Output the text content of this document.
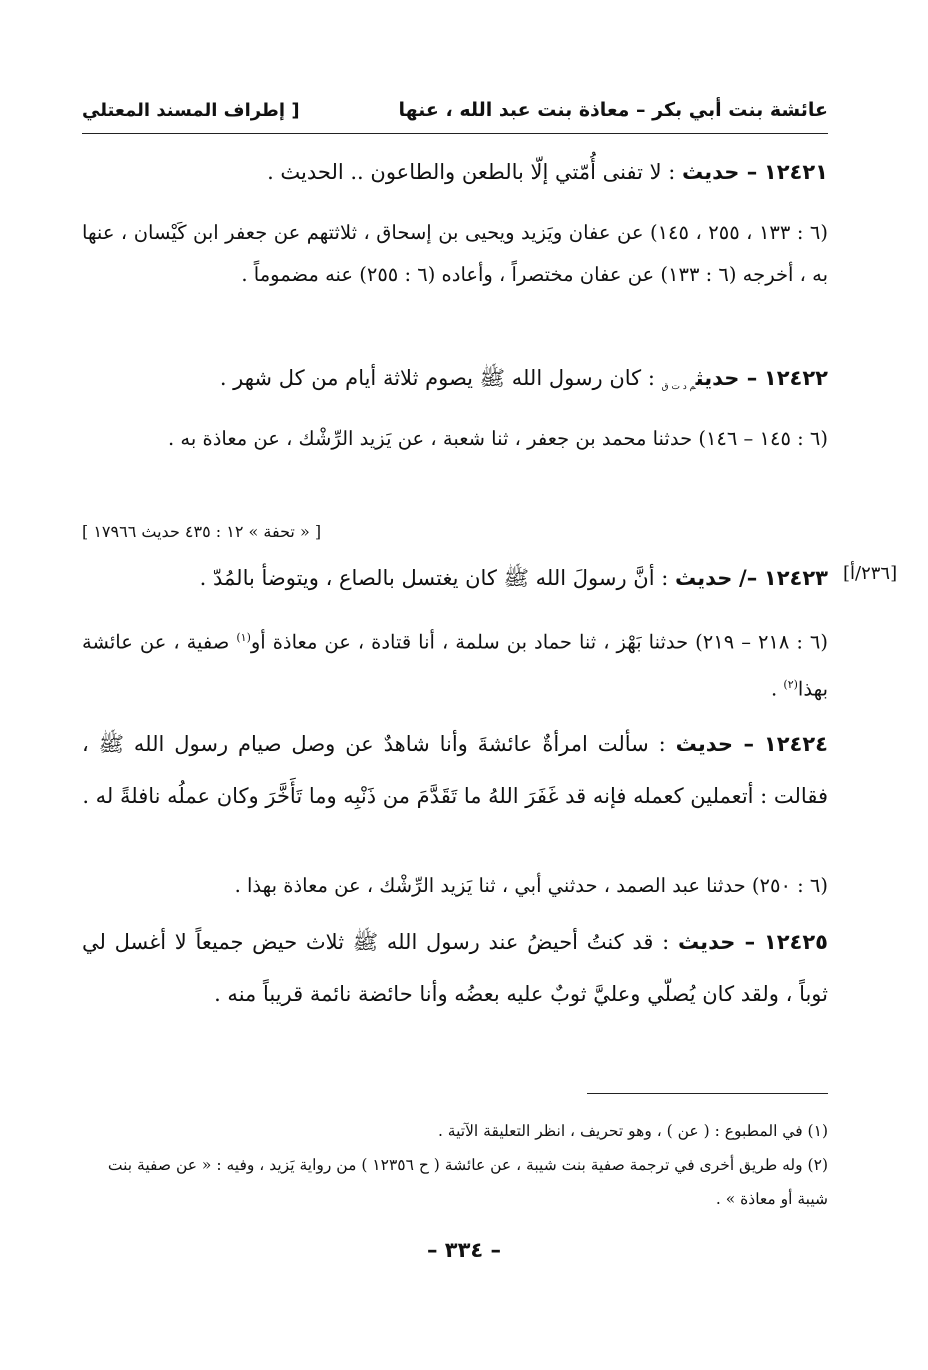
[ إطراف المسند المعتلي	عائشة بنت أبي بكر – معاذة بنت عبد الله ، عنها
١٢٤٢١ – حديث : لا تفنى أُمّتي إلّا بالطعن والطاعون .. الحديث .
(٦ : ١٣٣ ، ٢٥٥ ، ١٤٥) عن عفان ويَزيد ويحيى بن إسحاق ، ثلاثتهم عن جعفر ابن كَيْسان ، عنها به ، أخرجه (٦ : ١٣٣) عن عفان مختصراً ، وأعاده (٦ : ٢٥٥) عنه مضموماً .
١٢٤٢٢ – حديثم د ت ق : كان رسول الله ﷺ يصوم ثلاثة أيام من كل شهر .
(٦ : ١٤٥ – ١٤٦) حدثنا محمد بن جعفر ، ثنا شعبة ، عن يَزيد الرِّشْك ، عن معاذة به .
[ « تحفة » ١٢ : ٤٣٥ حديث ١٧٩٦٦ ]
[٢٣٦/أ]
١٢٤٢٣ –/ حديث : أنَّ رسولَ الله ﷺ كان يغتسل بالصاع ، ويتوضأ بالمُدّ .
(٦ : ٢١٨ – ٢١٩) حدثنا بَهْز ، ثنا حماد بن سلمة ، أنا قتادة ، عن معاذة أو$^{(١)}$ صفية ، عن عائشة بهذا$^{(٢)}$ .
١٢٤٢٤ – حديث : سألت امرأةٌ عائشةَ وأنا شاهدٌ عن وصل صيام رسول الله ﷺ ، فقالت : أتعملين كعمله فإنه قد غَفَرَ اللهُ ما تَقَدَّمَ من ذَنْبِه وما تَأَخَّرَ وكان عملُه نافلةً له .
(٦ : ٢٥٠) حدثنا عبد الصمد ، حدثني أبي ، ثنا يَزيد الرِّشْك ، عن معاذة بهذا .
١٢٤٢٥ – حديث : قد كنتُ أحيضُ عند رسول الله ﷺ ثلاث حيض جميعاً لا أغسل لي ثوباً ، ولقد كان يُصلّي وعليَّ ثوبٌ عليه بعضُه وأنا حائضة نائمة قريباً منه .
(١) في المطبوع : ( عن ) ، وهو تحريف ، انظر التعليقة الآتية .
(٢) وله طريق أخرى في ترجمة صفية بنت شيبة ، عن عائشة ( ح ١٢٣٥٦ ) من رواية يَزيد ، وفيه : « عن صفية بنت شيبة أو معاذة » .
– ٣٣٤ –
